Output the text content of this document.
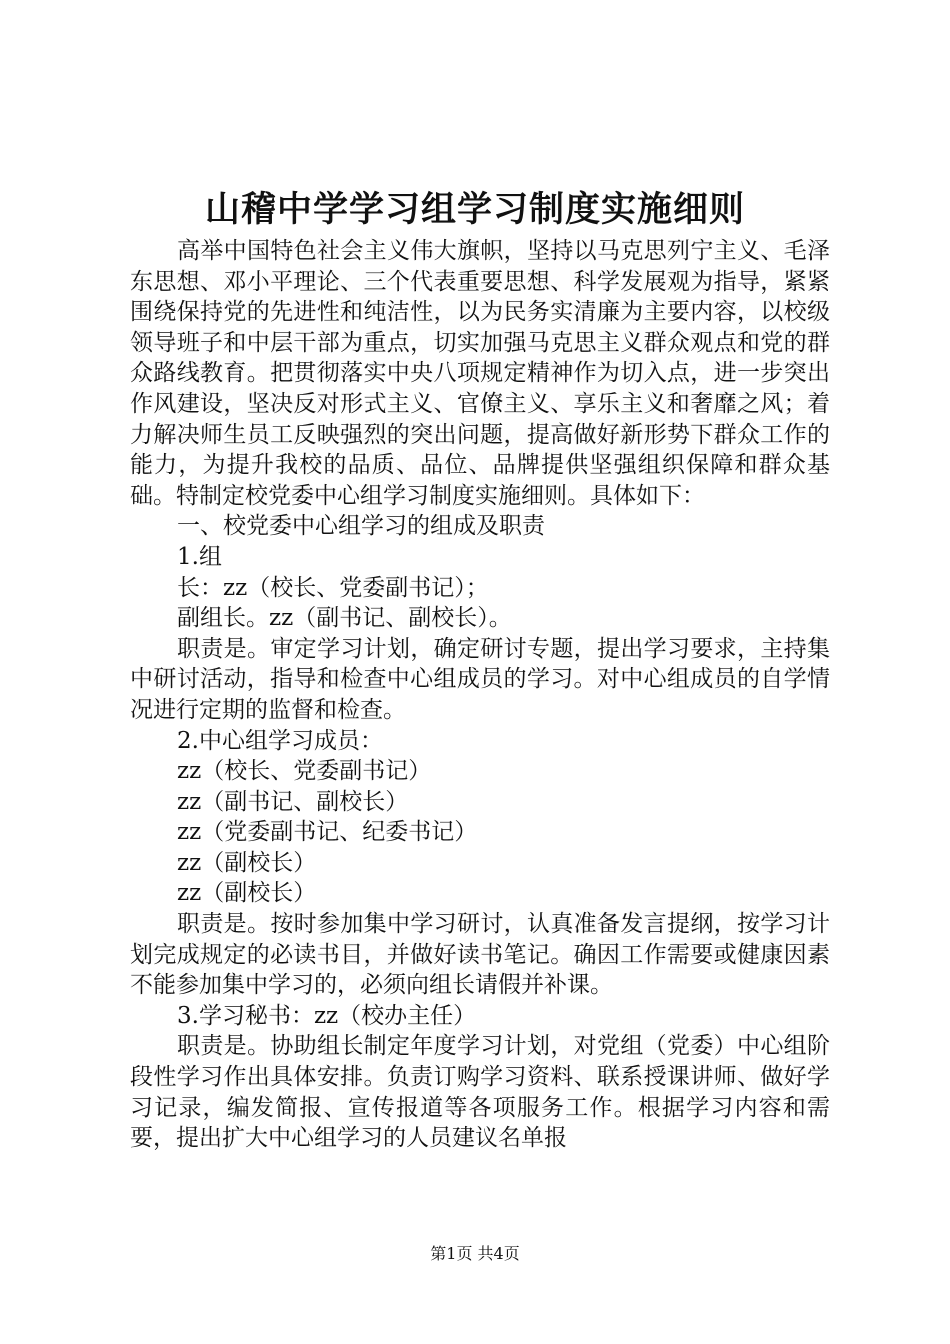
山稽中学学习组学习制度实施细则

高举中国特色社会主义伟大旗帜，坚持以马克思列宁主义、毛泽东思想、邓小平理论、三个代表重要思想、科学发展观为指导，紧紧围绕保持党的先进性和纯洁性，以为民务实清廉为主要内容，以校级领导班子和中层干部为重点，切实加强马克思主义群众观点和党的群众路线教育。把贯彻落实中央八项规定精神作为切入点，进一步突出作风建设，坚决反对形式主义、官僚主义、享乐主义和奢靡之风；着力解决师生员工反映强烈的突出问题，提高做好新形势下群众工作的能力，为提升我校的品质、品位、品牌提供坚强组织保障和群众基础。特制定校党委中心组学习制度实施细则。具体如下：

一、校党委中心组学习的组成及职责

1.组

长：zz（校长、党委副书记）；

副组长。zz（副书记、副校长）。

职责是。审定学习计划，确定研讨专题，提出学习要求，主持集中研讨活动，指导和检查中心组成员的学习。对中心组成员的自学情况进行定期的监督和检查。

2.中心组学习成员：

zz（校长、党委副书记）

zz（副书记、副校长）

zz（党委副书记、纪委书记）

zz（副校长）

zz（副校长）

职责是。按时参加集中学习研讨，认真准备发言提纲，按学习计划完成规定的必读书目，并做好读书笔记。确因工作需要或健康因素不能参加集中学习的，必须向组长请假并补课。

3.学习秘书：zz（校办主任）

职责是。协助组长制定年度学习计划，对党组（党委）中心组阶段性学习作出具体安排。负责订购学习资料、联系授课讲师、做好学习记录，编发简报、宣传报道等各项服务工作。根据学习内容和需要，提出扩大中心组学习的人员建议名单报

第1页 共4页
